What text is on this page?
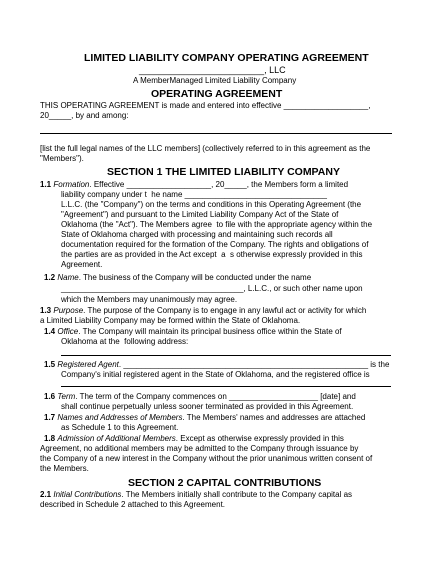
LIMITED LIABILITY COMPANY OPERATING AGREEMENT
_________________________, LLC
A MemberManaged Limited Liability Company
OPERATING AGREEMENT
THIS OPERATING AGREEMENT is made and entered into effective ___________________,
20_____, by and among:
[list the full legal names of the LLC members] (collectively referred to in this agreement as the
"Members").
SECTION 1 THE LIMITED LIABILITY COMPANY
1.1 Formation. Effective ___________________, 20_____, the Members form a limited
liability company under t  he name ________________________________
L.L.C. (the "Company") on the terms and conditions in this Operating Agreement (the
"Agreement") and pursuant to the Limited Liability Company Act of the State of
Oklahoma (the "Act"). The Members agree  to file with the appropriate agency within the
State of Oklahoma charged with processing and maintaining such records all
documentation required for the formation of the Company. The rights and obligations of
the parties are as provided in the Act except  a  s otherwise expressly provided in this
Agreement.
1.2 Name. The business of the Company will be conducted under the name
_________________________________________, L.L.C., or such other name upon
which the Members may unanimously may agree.
1.3 Purpose. The purpose of the Company is to engage in any lawful act or activity for which
a Limited Liability Company may be formed within the State of Oklahoma.
1.4 Office. The Company will maintain its principal business office within the State of
Oklahoma at the  following address:
1.5 Registered Agent. _______________________________________________________ is the
Company's initial registered agent in the State of Oklahoma, and the registered office is
1.6 Term. The term of the Company commences on ____________________ [date] and
shall continue perpetually unless sooner terminated as provided in this Agreement.
1.7 Names and Addresses of Members. The Members' names and addresses are attached
as Schedule 1 to this Agreement.
1.8 Admission of Additional Members. Except as otherwise expressly provided in this
Agreement, no additional members may be admitted to the Company through issuance by
the Company of a new interest in the Company without the prior unanimous written consent of
the Members.
SECTION 2 CAPITAL CONTRIBUTIONS
2.1 Initial Contributions. The Members initially shall contribute to the Company capital as
described in Schedule 2 attached to this Agreement.
